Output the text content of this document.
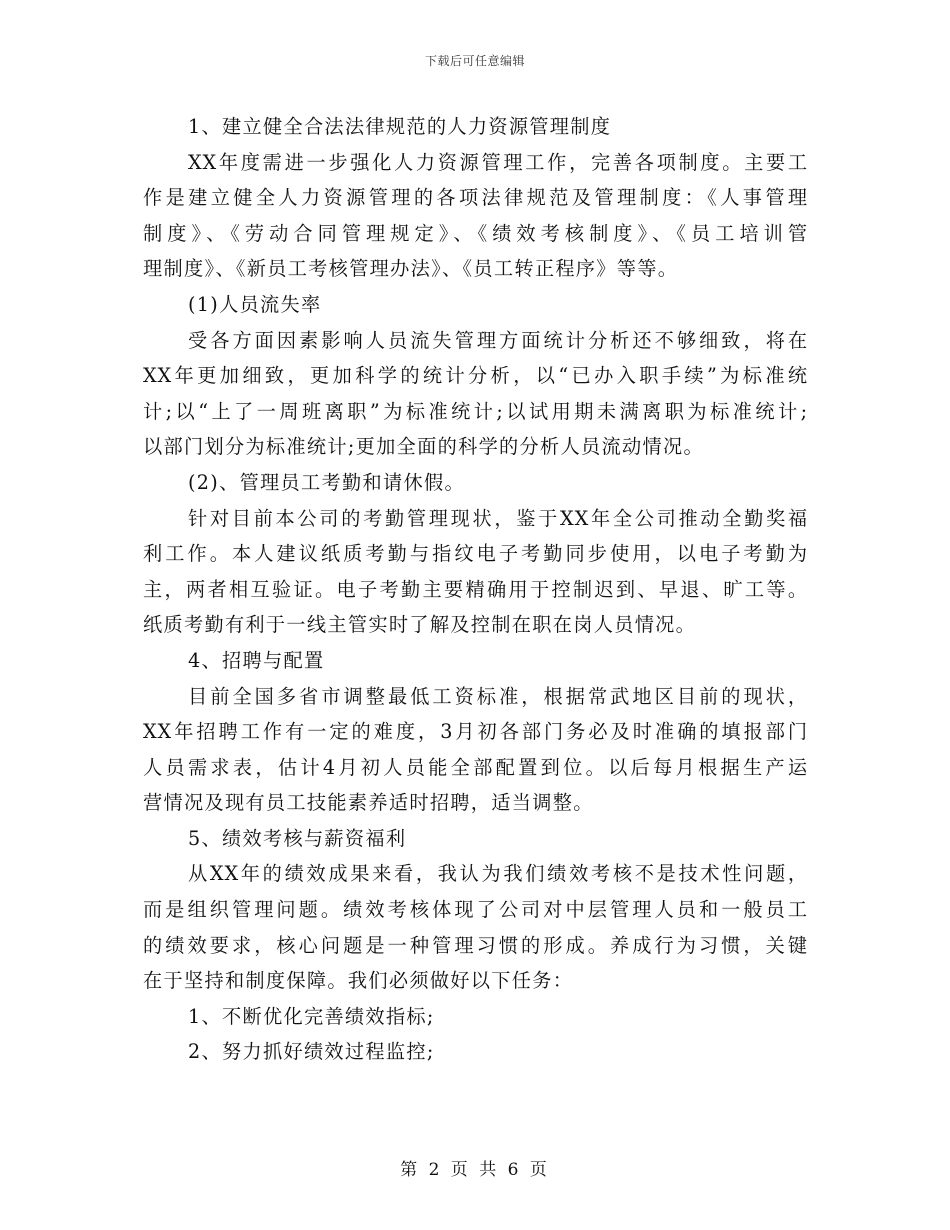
下载后可任意编辑
1、建立健全合法法律规范的人力资源管理制度
XX年度需进一步强化人力资源管理工作，完善各项制度。主要工
作是建立健全人力资源管理的各项法律规范及管理制度：《人事管理
制度》、《劳动合同管理规定》、《绩效考核制度》、《员工培训管
理制度》、《新员工考核管理办法》、《员工转正程序》等等。
(1)人员流失率
受各方面因素影响人员流失管理方面统计分析还不够细致，将在
XX年更加细致，更加科学的统计分析，以“已办入职手续”为标准统
计;以“上了一周班离职”为标准统计;以试用期未满离职为标准统计;
以部门划分为标准统计;更加全面的科学的分析人员流动情况。
(2)、管理员工考勤和请休假。
针对目前本公司的考勤管理现状，鉴于XX年全公司推动全勤奖福
利工作。本人建议纸质考勤与指纹电子考勤同步使用，以电子考勤为
主，两者相互验证。电子考勤主要精确用于控制迟到、早退、旷工等。
纸质考勤有利于一线主管实时了解及控制在职在岗人员情况。
4、招聘与配置
目前全国多省市调整最低工资标准，根据常武地区目前的现状，
XX年招聘工作有一定的难度，3月初各部门务必及时准确的填报部门
人员需求表，估计4月初人员能全部配置到位。以后每月根据生产运
营情况及现有员工技能素养适时招聘，适当调整。
5、绩效考核与薪资福利
从XX年的绩效成果来看，我认为我们绩效考核不是技术性问题，
而是组织管理问题。绩效考核体现了公司对中层管理人员和一般员工
的绩效要求，核心问题是一种管理习惯的形成。养成行为习惯，关键
在于坚持和制度保障。我们必须做好以下任务：
1、不断优化完善绩效指标;
2、努力抓好绩效过程监控;
第 2 页 共 6 页
